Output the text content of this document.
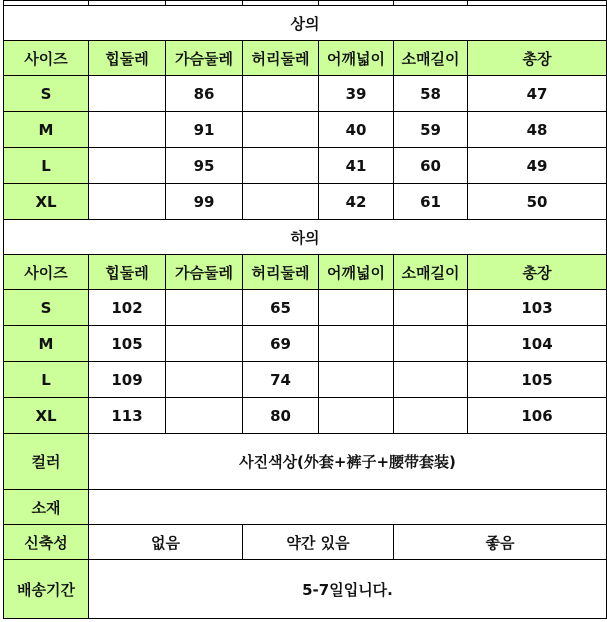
상의						
사이즈	힙둘레	가슴둘레	허리둘레	어깨넓이	소매길이	총장
S		86		39	58	47
M		91		40	59	48
L		95		41	60	49
XL		99		42	61	50
하의						
사이즈	힙둘레	가슴둘레	허리둘레	어깨넓이	소매길이	총장
S	102		65			103
M	105		69			104
L	109		74			105
XL	113		80			106
컬러	사진색상(外套+裤子+腰带套装)					
소재						
신축성	없음		약간 있음		좋음	
배송기간	5-7일입니다.					
